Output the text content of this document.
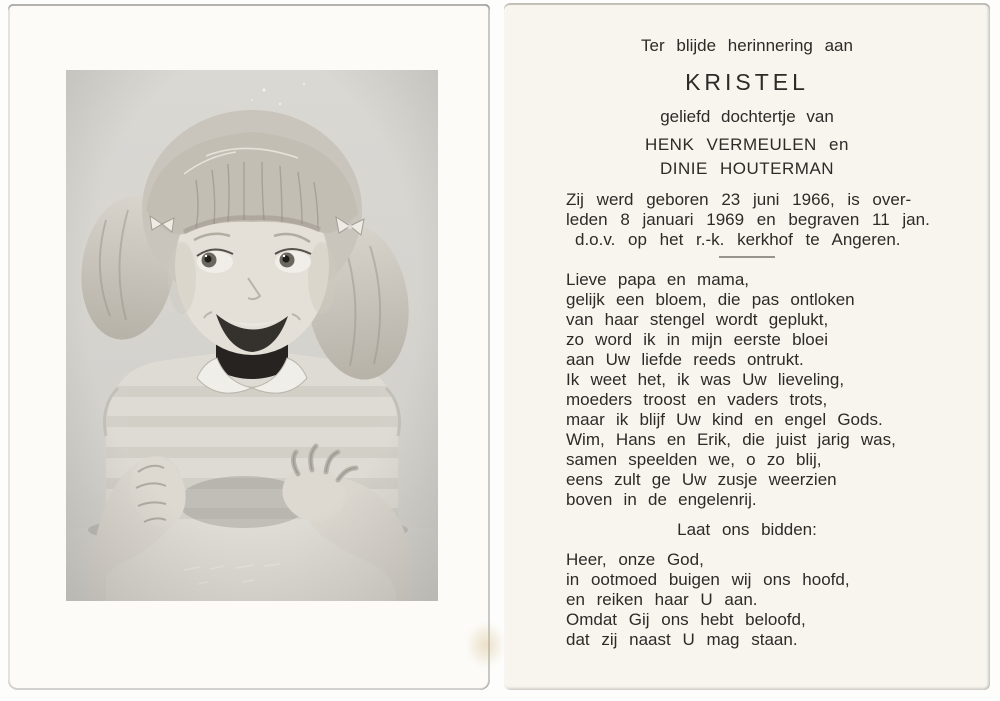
Ter blijde herinnering aan

KRISTEL

geliefd dochtertje van

HENK VERMEULEN en

DINIE HOUTERMAN

Zij werd geboren 23 juni 1966, is over-

leden 8 januari 1969 en begraven 11 jan.

d.o.v. op het r.-k. kerkhof te Angeren.

Lieve papa en mama,

gelijk een bloem, die pas ontloken

van haar stengel wordt geplukt,

zo word ik in mijn eerste bloei

aan Uw liefde reeds ontrukt.

Ik weet het, ik was Uw lieveling,

moeders troost en vaders trots,

maar ik blijf Uw kind en engel Gods.

Wim, Hans en Erik, die juist jarig was,

samen speelden we, o zo blij,

eens zult ge Uw zusje weerzien

boven in de engelenrij.

Laat ons bidden:

Heer, onze God,

in ootmoed buigen wij ons hoofd,

en reiken haar U aan.

Omdat Gij ons hebt beloofd,

dat zij naast U mag staan.
